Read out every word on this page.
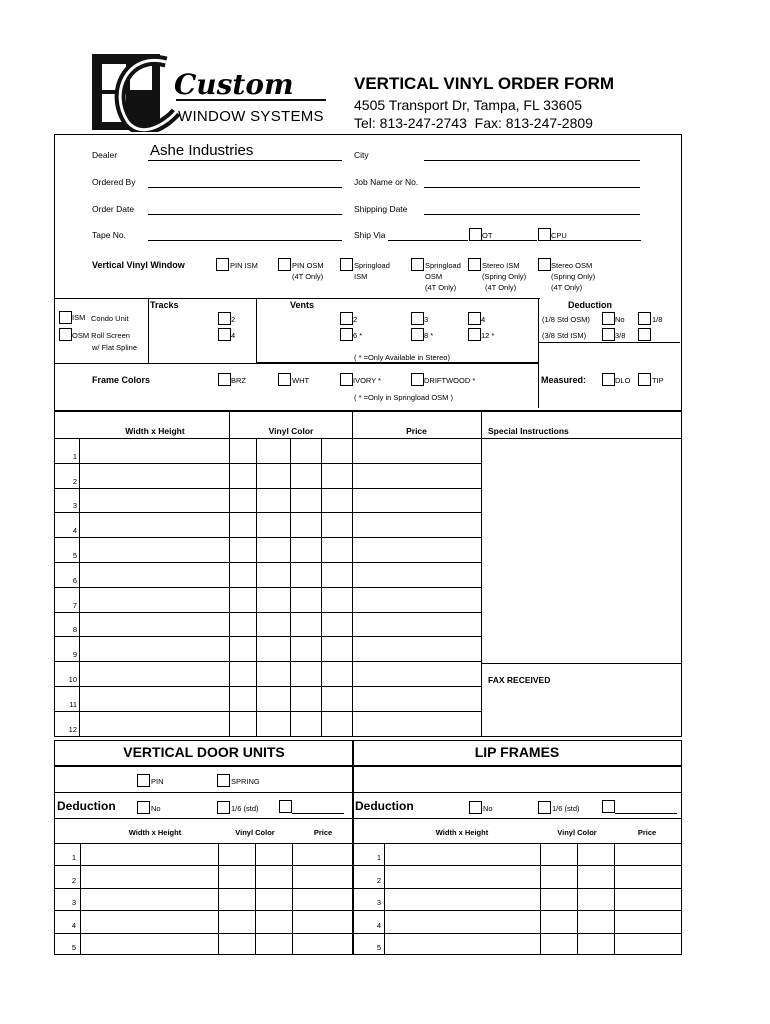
Custom
WINDOW SYSTEMS
VERTICAL VINYL ORDER FORM
4505 Transport Dr, Tampa, FL 33605
Tel: 813-247-2743  Fax: 813-247-2809
Dealer Ashe Industries	City
Ordered By	Job Name or No.
Order Date	Shipping Date
Tape No.	Ship Via	OT	CPU
Vertical Vinyl Window	PIN ISM	PIN OSM
(4T Only)
Springload
ISM
Springload
OSM
(4T Only)
Stereo ISM
(Spring Only)
(4T Only)
Stereo OSM
(Spring Only)
(4T Only)
ISM Condo Unit
OSM Roll Screen
w/ Flat Spline
Tracks
2
4
Vents
2	3	4
6 *	8 *	12 *
( * =Only Available in Stereo)
Deduction
(1/8 Std OSM)	No	1/8
(3/8 Std ISM)	3/8
Frame Colors	BRZ	WHT	IVORY *	DRIFTWOOD *
( * =Only in Springload OSM )
Measured:	DLO	TIP
Width x Height	Vinyl Color	Price	Special Instructions
FAX RECEIVED
1
2
3
4
5
6
7
8
9
10
11
12
VERTICAL DOOR UNITS	LIP FRAMES
PIN	SPRING
Deduction	No	1/6 (std)	Deduction	No	1/6 (std)
Width x Height	Vinyl Color	Price	Width x Height	Vinyl Color	Price
1	1
2	2
3	3
4	4
5	5
